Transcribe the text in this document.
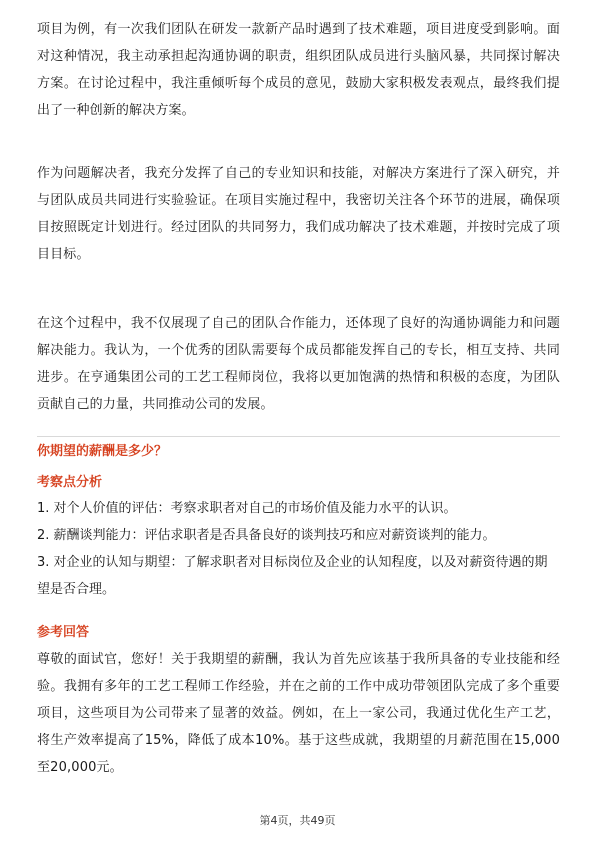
项目为例，有一次我们团队在研发一款新产品时遇到了技术难题，项目进度受到影响。面对这种情况，我主动承担起沟通协调的职责，组织团队成员进行头脑风暴，共同探讨解决方案。在讨论过程中，我注重倾听每个成员的意见，鼓励大家积极发表观点，最终我们提出了一种创新的解决方案。

作为问题解决者，我充分发挥了自己的专业知识和技能，对解决方案进行了深入研究，并与团队成员共同进行实验验证。在项目实施过程中，我密切关注各个环节的进展，确保项目按照既定计划进行。经过团队的共同努力，我们成功解决了技术难题，并按时完成了项目目标。

在这个过程中，我不仅展现了自己的团队合作能力，还体现了良好的沟通协调能力和问题解决能力。我认为，一个优秀的团队需要每个成员都能发挥自己的专长，相互支持、共同进步。在亨通集团公司的工艺工程师岗位，我将以更加饱满的热情和积极的态度，为团队贡献自己的力量，共同推动公司的发展。

你期望的薪酬是多少？

考察点分析

1. 对个人价值的评估：考察求职者对自己的市场价值及能力水平的认识。
2. 薪酬谈判能力：评估求职者是否具备良好的谈判技巧和应对薪资谈判的能力。
3. 对企业的认知与期望：了解求职者对目标岗位及企业的认知程度，以及对薪资待遇的期望是否合理。

参考回答

尊敬的面试官，您好！关于我期望的薪酬，我认为首先应该基于我所具备的专业技能和经验。我拥有多年的工艺工程师工作经验，并在之前的工作中成功带领团队完成了多个重要项目，这些项目为公司带来了显著的效益。例如，在上一家公司，我通过优化生产工艺，将生产效率提高了15%，降低了成本10%。基于这些成就，我期望的月薪范围在15,000至20,000元。

第4页，共49页
